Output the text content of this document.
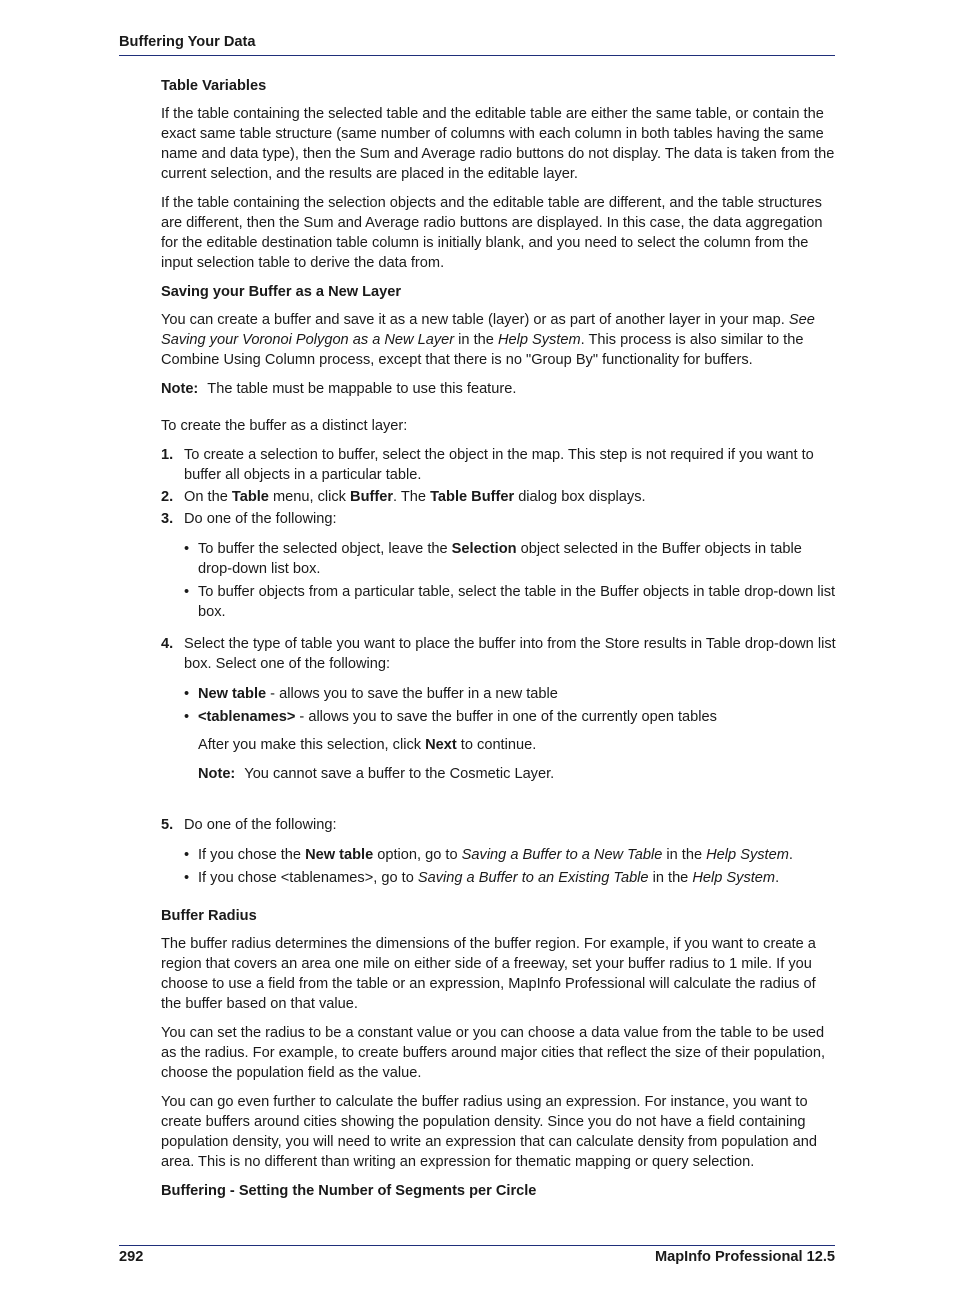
Buffering Your Data
Table Variables

If the table containing the selected table and the editable table are either the same table, or contain the exact same table structure (same number of columns with each column in both tables having the same name and data type), then the Sum and Average radio buttons do not display. The data is taken from the current selection, and the results are placed in the editable layer.

If the table containing the selection objects and the editable table are different, and the table structures are different, then the Sum and Average radio buttons are displayed. In this case, the data aggregation for the editable destination table column is initially blank, and you need to select the column from the input selection table to derive the data from.

Saving your Buffer as a New Layer

You can create a buffer and save it as a new table (layer) or as part of another layer in your map. See Saving your Voronoi Polygon as a New Layer in the Help System. This process is also similar to the Combine Using Column process, except that there is no "Group By" functionality for buffers.

Note: The table must be mappable to use this feature.

To create the buffer as a distinct layer:

1. To create a selection to buffer, select the object in the map. This step is not required if you want to buffer all objects in a particular table.
2. On the Table menu, click Buffer. The Table Buffer dialog box displays.
3. Do one of the following:
• To buffer the selected object, leave the Selection object selected in the Buffer objects in table drop-down list box.
• To buffer objects from a particular table, select the table in the Buffer objects in table drop-down list box.
4. Select the type of table you want to place the buffer into from the Store results in Table drop-down list box. Select one of the following:
• New table - allows you to save the buffer in a new table
• <tablenames> - allows you to save the buffer in one of the currently open tables

After you make this selection, click Next to continue.

Note: You cannot save a buffer to the Cosmetic Layer.

5. Do one of the following:
• If you chose the New table option, go to Saving a Buffer to a New Table in the Help System.
• If you chose <tablenames>, go to Saving a Buffer to an Existing Table in the Help System.
Buffer Radius

The buffer radius determines the dimensions of the buffer region. For example, if you want to create a region that covers an area one mile on either side of a freeway, set your buffer radius to 1 mile. If you choose to use a field from the table or an expression, MapInfo Professional will calculate the radius of the buffer based on that value.

You can set the radius to be a constant value or you can choose a data value from the table to be used as the radius. For example, to create buffers around major cities that reflect the size of their population, choose the population field as the value.

You can go even further to calculate the buffer radius using an expression. For instance, you want to create buffers around cities showing the population density. Since you do not have a field containing population density, you will need to write an expression that can calculate density from population and area. This is no different than writing an expression for thematic mapping or query selection.

Buffering - Setting the Number of Segments per Circle
292	MapInfo Professional 12.5
